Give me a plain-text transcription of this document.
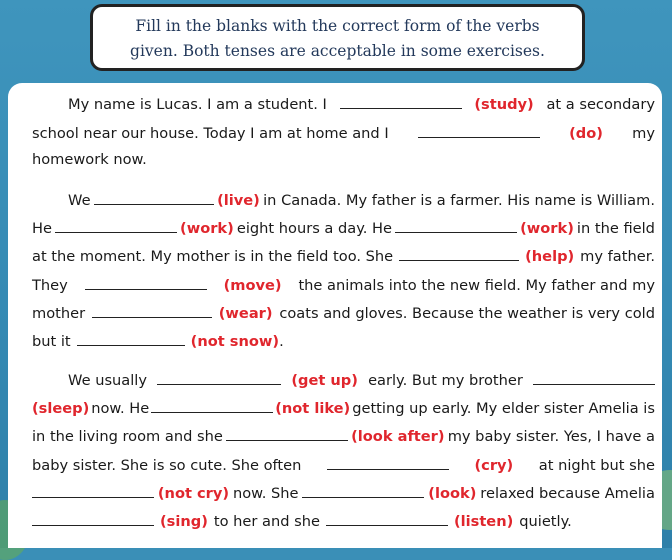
Fill in the blanks with the correct form of the verbs
given. Both tenses are acceptable in some exercises.
My name is Lucas. I am a student. I	(study) at a secondary
school near our house. Today I am at home and I	(do) my
homework now.
We	(live) in Canada. My father is a farmer. His name is William.
He	(work) eight hours a day. He	(work) in the field
at the moment. My mother is in the field too. She	(help) my father.
They	(move) the animals into the new field. My father and my
mother	(wear) coats and gloves. Because the weather is very cold
but it	(not snow) .
We usually	(get up) early. But my brother
(sleep) now. He	(not like) getting up early. My elder sister Amelia is
in the living room and she	(look after) my baby sister. Yes, I have a
baby sister. She is so cute. She often	(cry) at night but she
(not cry) now. She	(look) relaxed because Amelia
(sing) to her and she	(listen) quietly.
